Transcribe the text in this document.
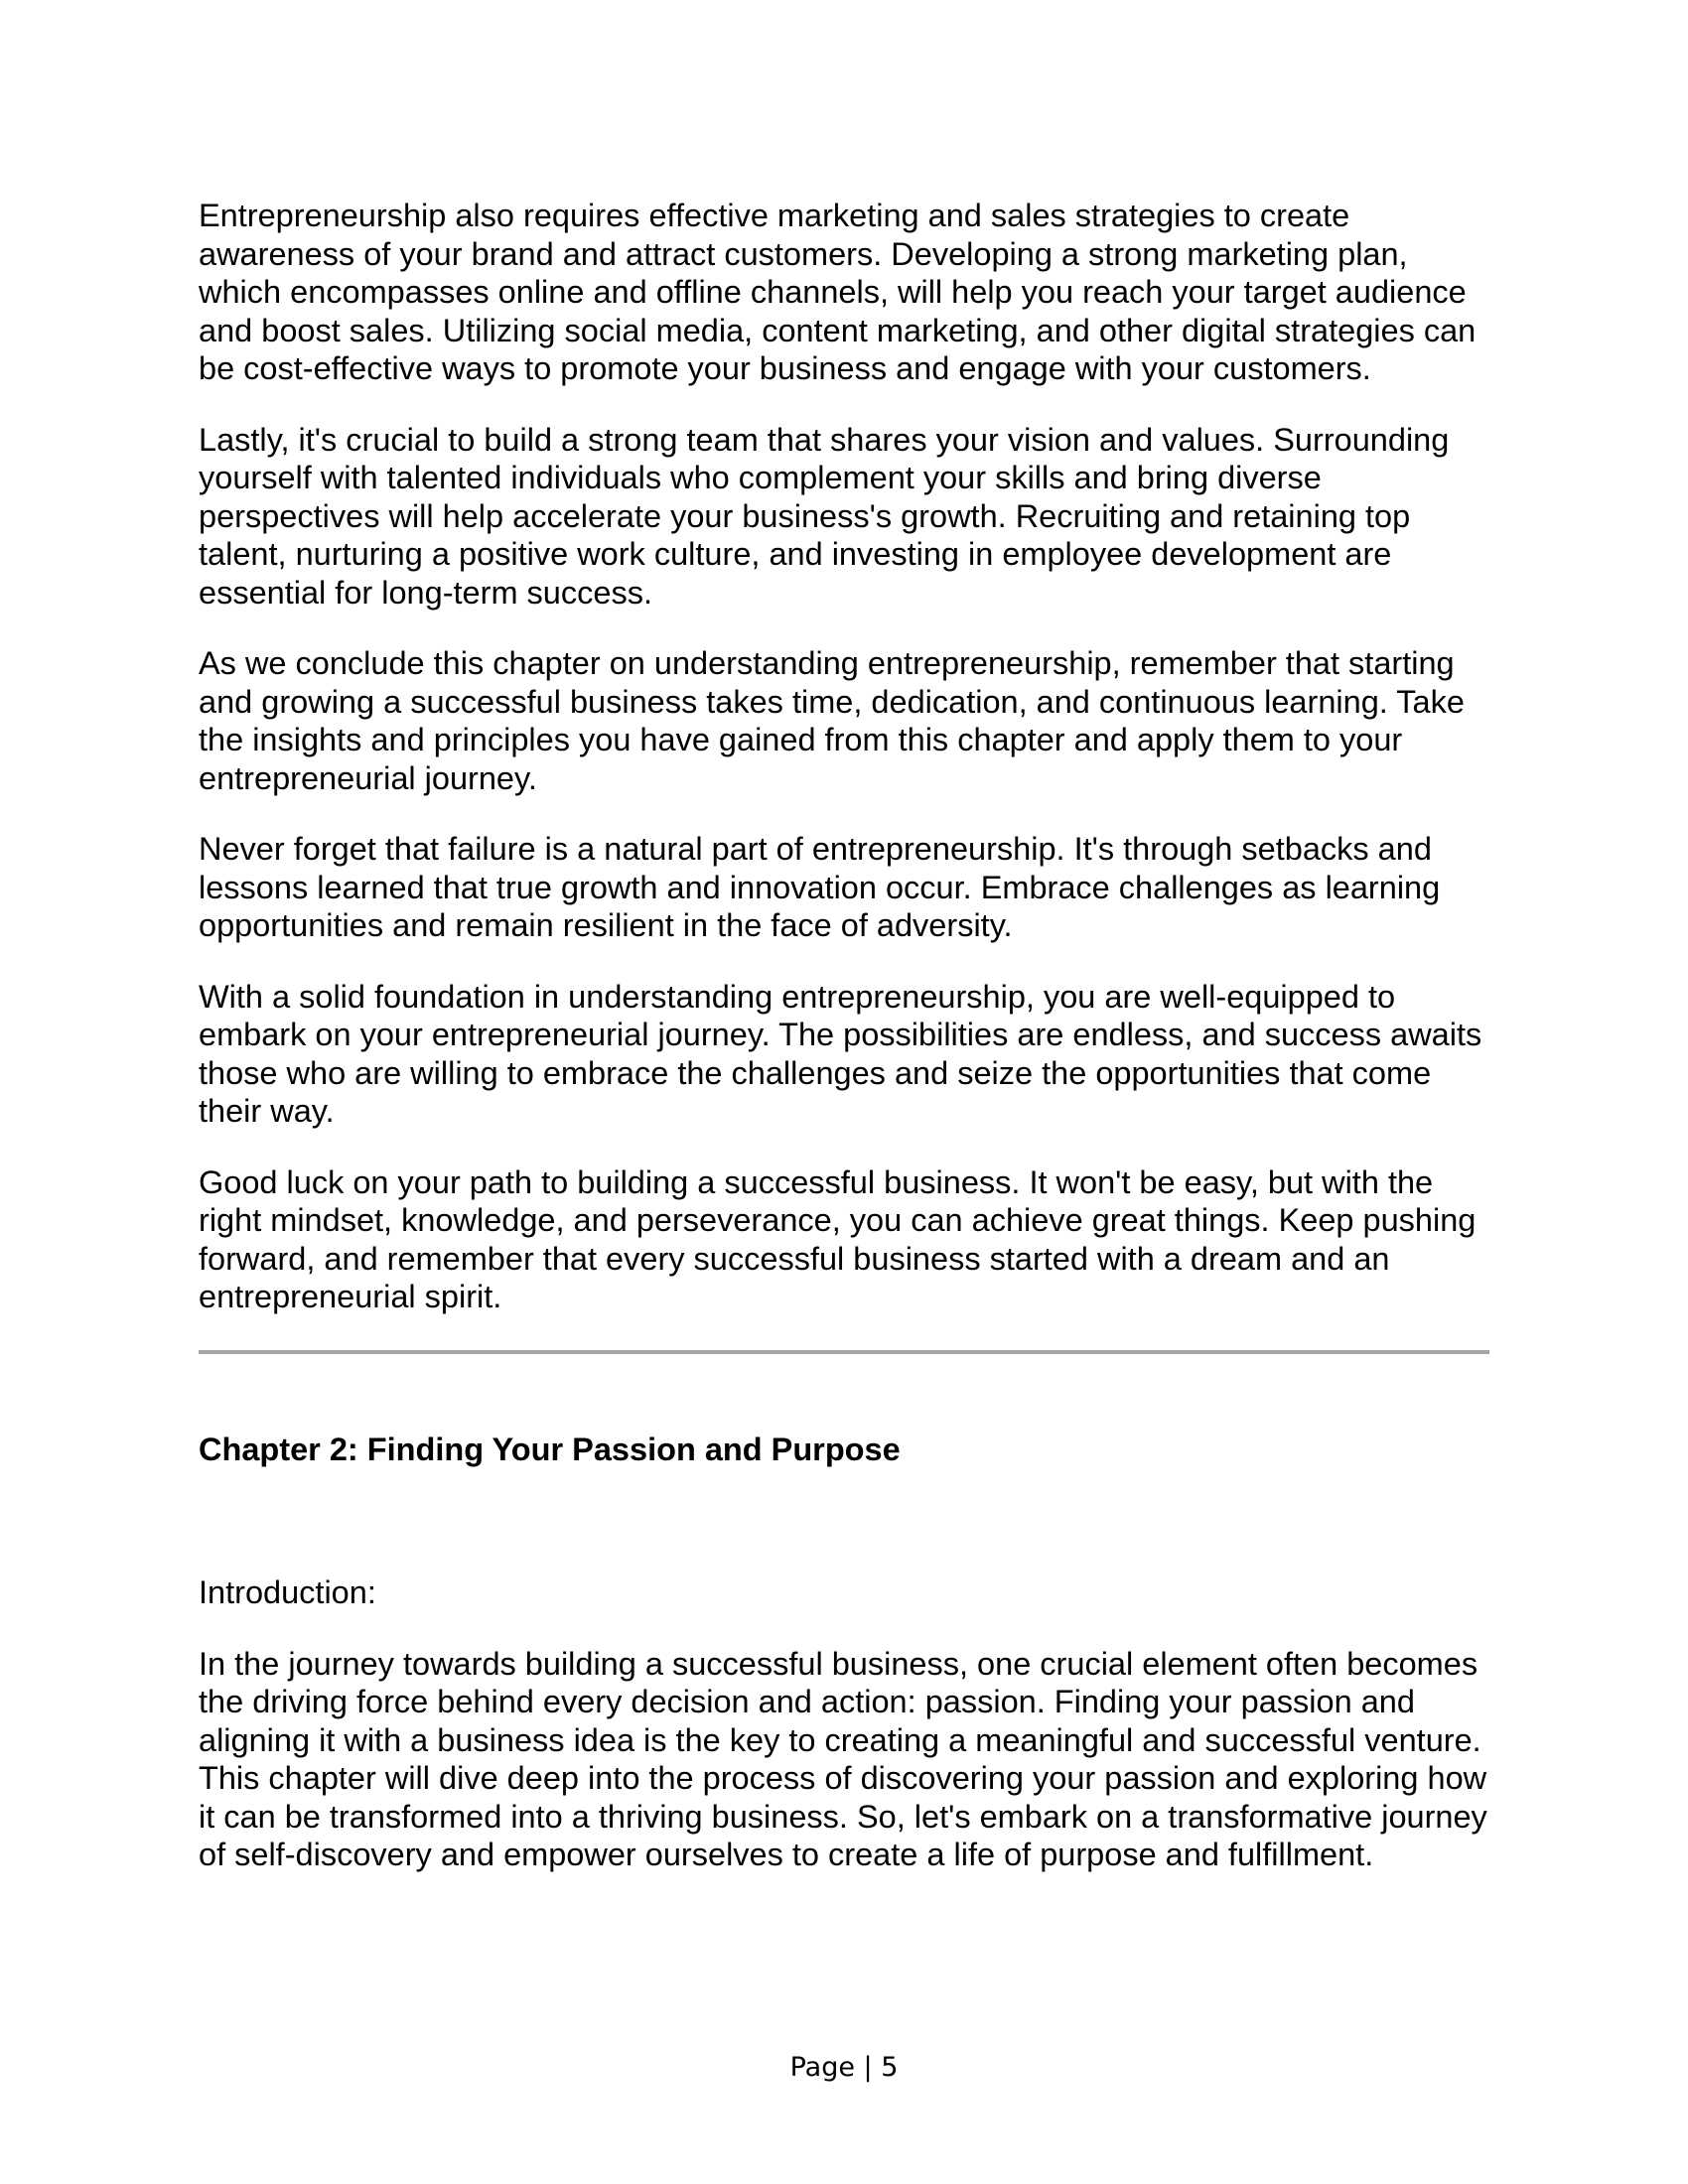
Entrepreneurship also requires effective marketing and sales strategies to create awareness of your brand and attract customers. Developing a strong marketing plan, which encompasses online and offline channels, will help you reach your target audience and boost sales. Utilizing social media, content marketing, and other digital strategies can be cost-effective ways to promote your business and engage with your customers.

Lastly, it's crucial to build a strong team that shares your vision and values. Surrounding yourself with talented individuals who complement your skills and bring diverse perspectives will help accelerate your business's growth. Recruiting and retaining top talent, nurturing a positive work culture, and investing in employee development are essential for long-term success.

As we conclude this chapter on understanding entrepreneurship, remember that starting and growing a successful business takes time, dedication, and continuous learning. Take the insights and principles you have gained from this chapter and apply them to your entrepreneurial journey.

Never forget that failure is a natural part of entrepreneurship. It's through setbacks and lessons learned that true growth and innovation occur. Embrace challenges as learning opportunities and remain resilient in the face of adversity.

With a solid foundation in understanding entrepreneurship, you are well-equipped to embark on your entrepreneurial journey. The possibilities are endless, and success awaits those who are willing to embrace the challenges and seize the opportunities that come their way.

Good luck on your path to building a successful business. It won't be easy, but with the right mindset, knowledge, and perseverance, you can achieve great things. Keep pushing forward, and remember that every successful business started with a dream and an entrepreneurial spirit.

Chapter 2: Finding Your Passion and Purpose
Introduction:

In the journey towards building a successful business, one crucial element often becomes the driving force behind every decision and action: passion. Finding your passion and aligning it with a business idea is the key to creating a meaningful and successful venture. This chapter will dive deep into the process of discovering your passion and exploring how it can be transformed into a thriving business. So, let's embark on a transformative journey of self-discovery and empower ourselves to create a life of purpose and fulfillment.

Page | 5
